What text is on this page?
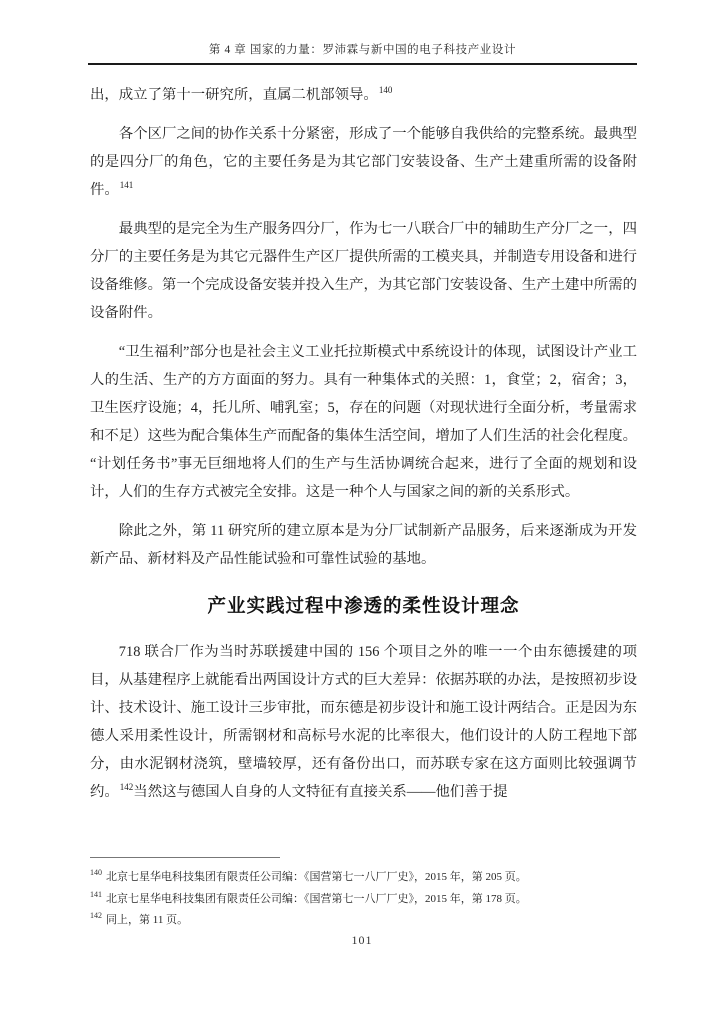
第 4 章 国家的力量：罗沛霖与新中国的电子科技产业设计

出，成立了第十一研究所，直属二机部领导。$^{140}$

各个区厂之间的协作关系十分紧密，形成了一个能够自我供给的完整系统。最典型的是四分厂的角色，它的主要任务是为其它部门安装设备、生产土建重所需的设备附件。$^{141}$

最典型的是完全为生产服务四分厂，作为七一八联合厂中的辅助生产分厂之一，四分厂的主要任务是为其它元器件生产区厂提供所需的工模夹具，并制造专用设备和进行设备维修。第一个完成设备安装并投入生产，为其它部门安装设备、生产土建中所需的设备附件。

“卫生福利”部分也是社会主义工业托拉斯模式中系统设计的体现，试图设计产业工人的生活、生产的方方面面的努力。具有一种集体式的关照：1，食堂；2，宿舍；3，卫生医疗设施；4，托儿所、哺乳室；5，存在的问题（对现状进行全面分析，考量需求和不足）这些为配合集体生产而配备的集体生活空间，增加了人们生活的社会化程度。“计划任务书”事无巨细地将人们的生产与生活协调统合起来，进行了全面的规划和设计，人们的生存方式被完全安排。这是一种个人与国家之间的新的关系形式。

除此之外，第 11 研究所的建立原本是为分厂试制新产品服务，后来逐渐成为开发新产品、新材料及产品性能试验和可靠性试验的基地。

产业实践过程中渗透的柔性设计理念

718 联合厂作为当时苏联援建中国的 156 个项目之外的唯一一个由东德援建的项目，从基建程序上就能看出两国设计方式的巨大差异：依据苏联的办法，是按照初步设计、技术设计、施工设计三步审批，而东德是初步设计和施工设计两结合。正是因为东德人采用柔性设计，所需钢材和高标号水泥的比率很大，他们设计的人防工程地下部分，由水泥钢材浇筑，壁墙较厚，还有备份出口，而苏联专家在这方面则比较强调节约。$^{142}$当然这与德国人自身的人文特征有直接关系——他们善于提

$^{140}$ 北京七星华电科技集团有限责任公司编：《国营第七一八厂厂史》，2015 年，第 205 页。
$^{141}$ 北京七星华电科技集团有限责任公司编：《国营第七一八厂厂史》，2015 年，第 178 页。
$^{142}$ 同上，第 11 页。
101
